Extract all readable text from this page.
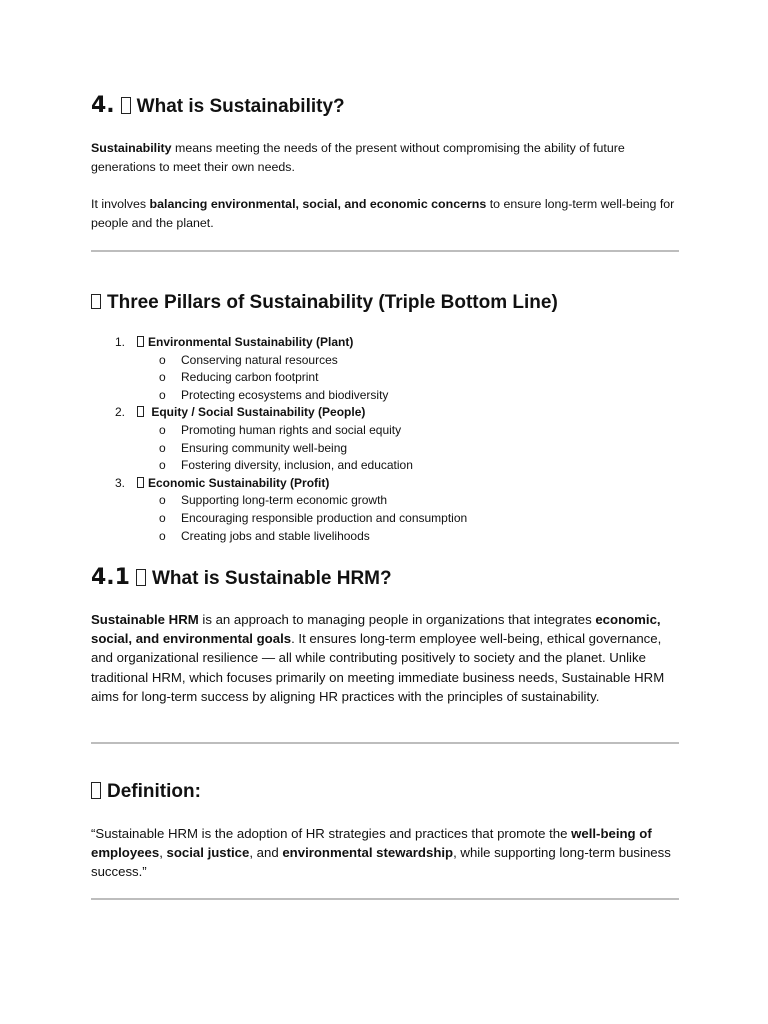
4. What is Sustainability?
Sustainability means meeting the needs of the present without compromising the ability of future generations to meet their own needs.
It involves balancing environmental, social, and economic concerns to ensure long-term well-being for people and the planet.
Three Pillars of Sustainability (Triple Bottom Line)
1.	Environmental Sustainability (Plant)
o Conserving natural resources
o Reducing carbon footprint
o Protecting ecosystems and biodiversity
2.	Equity / Social Sustainability (People)
o Promoting human rights and social equity
o Ensuring community well-being
o Fostering diversity, inclusion, and education
3.	Economic Sustainability (Profit)
o Supporting long-term economic growth
o Encouraging responsible production and consumption
o Creating jobs and stable livelihoods
4.1 What is Sustainable HRM?
Sustainable HRM is an approach to managing people in organizations that integrates economic, social, and environmental goals. It ensures long-term employee well-being, ethical governance, and organizational resilience — all while contributing positively to society and the planet. Unlike traditional HRM, which focuses primarily on meeting immediate business needs, Sustainable HRM aims for long-term success by aligning HR practices with the principles of sustainability.
Definition:
“Sustainable HRM is the adoption of HR strategies and practices that promote the well-being of employees, social justice, and environmental stewardship, while supporting long-term business success.”
